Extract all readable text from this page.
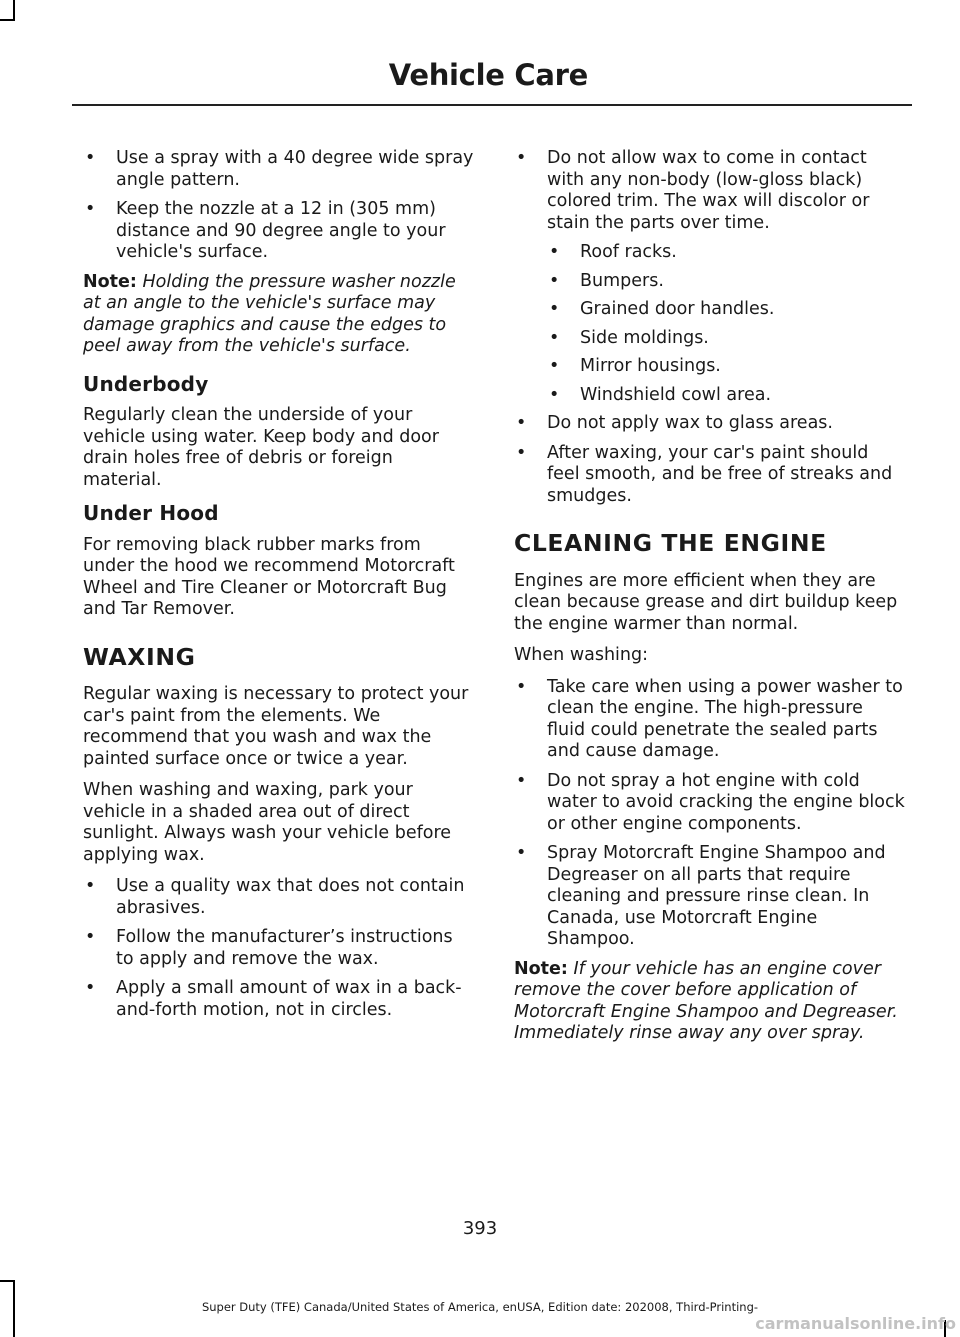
Vehicle Care
• Use a spray with a 40 degree wide spray angle pattern.
• Keep the nozzle at a 12 in (305 mm) distance and 90 degree angle to your vehicle's surface.
Note: Holding the pressure washer nozzle at an angle to the vehicle's surface may damage graphics and cause the edges to peel away from the vehicle's surface.
Underbody

Regularly clean the underside of your vehicle using water. Keep body and door drain holes free of debris or foreign material.

Under Hood

For removing black rubber marks from under the hood we recommend Motorcraft Wheel and Tire Cleaner or Motorcraft Bug and Tar Remover.

WAXING

Regular waxing is necessary to protect your car's paint from the elements. We recommend that you wash and wax the painted surface once or twice a year.

When washing and waxing, park your vehicle in a shaded area out of direct sunlight. Always wash your vehicle before applying wax.

• Use a quality wax that does not contain abrasives.
• Follow the manufacturer’s instructions to apply and remove the wax.
• Apply a small amount of wax in a back-and-forth motion, not in circles.
• Do not allow wax to come in contact with any non-body (low-gloss black) colored trim. The wax will discolor or stain the parts over time.
• Roof racks.
• Bumpers.
• Grained door handles.
• Side moldings.
• Mirror housings.
• Windshield cowl area.
• Do not apply wax to glass areas.
• After waxing, your car's paint should feel smooth, and be free of streaks and smudges.
CLEANING THE ENGINE

Engines are more efficient when they are clean because grease and dirt buildup keep the engine warmer than normal.

When washing:

• Take care when using a power washer to clean the engine. The high-pressure fluid could penetrate the sealed parts and cause damage.
• Do not spray a hot engine with cold water to avoid cracking the engine block or other engine components.
• Spray Motorcraft Engine Shampoo and Degreaser on all parts that require cleaning and pressure rinse clean. In Canada, use Motorcraft Engine Shampoo.
Note: If your vehicle has an engine cover remove the cover before application of Motorcraft Engine Shampoo and Degreaser. Immediately rinse away any over spray.
393
Super Duty (TFE) Canada/United States of America, enUSA, Edition date: 202008, Third-Printing-
carmanualsonline.info
